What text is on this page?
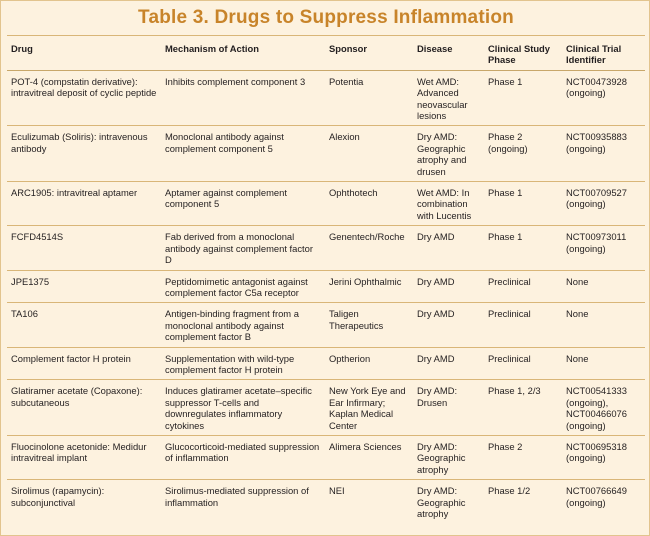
Table 3. Drugs to Suppress Inflammation
Drug	Mechanism of Action	Sponsor	Disease	Clinical Study Phase	Clinical Trial Identifier
POT-4 (compstatin derivative): intravitreal deposit of cyclic peptide	Inhibits complement component 3	Potentia	Wet AMD: Advanced neovascular lesions	Phase 1	NCT00473928 (ongoing)
Eculizumab (Soliris): intravenous antibody	Monoclonal antibody against complement component 5	Alexion	Dry AMD: Geographic atrophy and drusen	Phase 2 (ongoing)	NCT00935883 (ongoing)
ARC1905: intravitreal aptamer	Aptamer against complement component 5	Ophthotech	Wet AMD: In combination with Lucentis	Phase 1	NCT00709527 (ongoing)
FCFD4514S	Fab derived from a monoclonal antibody against complement factor D	Genentech/Roche	Dry AMD	Phase 1	NCT00973011 (ongoing)
JPE1375	Peptidomimetic antagonist against complement factor C5a receptor	Jerini Ophthalmic	Dry AMD	Preclinical	None
TA106	Antigen-binding fragment from a monoclonal antibody against complement factor B	Taligen Therapeutics	Dry AMD	Preclinical	None
Complement factor H protein	Supplementation with wild-type complement factor H protein	Optherion	Dry AMD	Preclinical	None
Glatiramer acetate (Copaxone): subcutaneous	Induces glatiramer acetate–specific suppressor T-cells and downregulates inflammatory cytokines	New York Eye and Ear Infirmary; Kaplan Medical Center	Dry AMD: Drusen	Phase 1, 2/3	NCT00541333 (ongoing), NCT00466076 (ongoing)
Fluocinolone acetonide: Medidur intravitreal implant	Glucocorticoid-mediated suppression of inflammation	Alimera Sciences	Dry AMD: Geographic atrophy	Phase 2	NCT00695318 (ongoing)
Sirolimus (rapamycin): subconjunctival	Sirolimus-mediated suppression of inflammation	NEI	Dry AMD: Geographic atrophy	Phase 1/2	NCT00766649 (ongoing)
